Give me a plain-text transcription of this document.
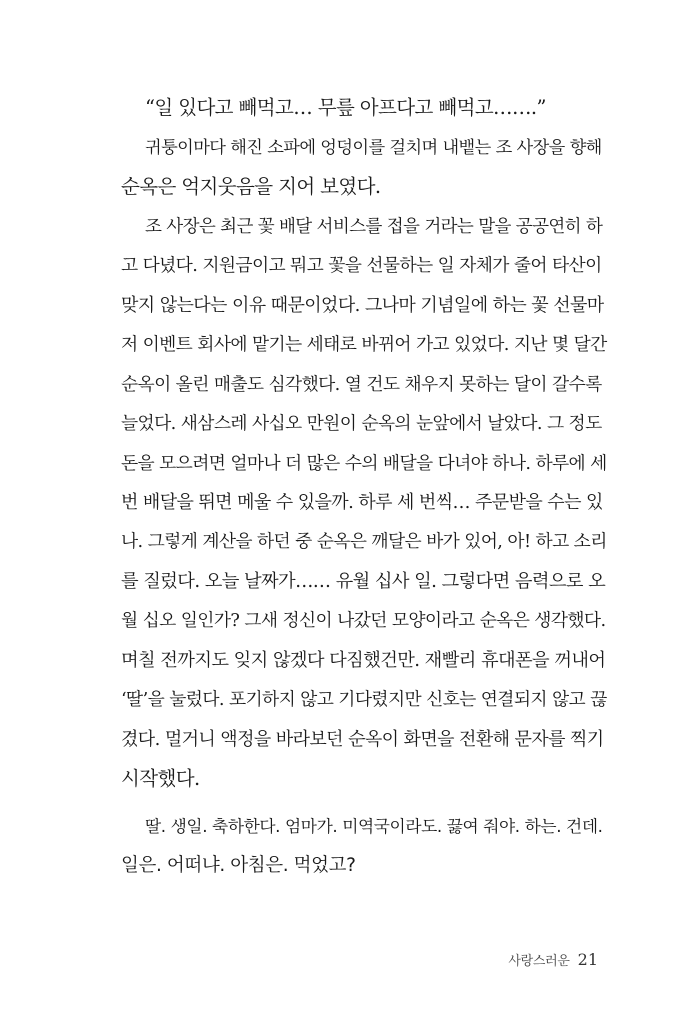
“일 있다고 빼먹고… 무릎 아프다고 빼먹고…….”
귀퉁이마다 해진 소파에 엉덩이를 걸치며 내뱉는 조 사장을 향해
순옥은 억지웃음을 지어 보였다.
조 사장은 최근 꽃 배달 서비스를 접을 거라는 말을 공공연히 하
고 다녔다. 지원금이고 뭐고 꽃을 선물하는 일 자체가 줄어 타산이
맞지 않는다는 이유 때문이었다. 그나마 기념일에 하는 꽃 선물마
저 이벤트 회사에 맡기는 세태로 바뀌어 가고 있었다. 지난 몇 달간
순옥이 올린 매출도 심각했다. 열 건도 채우지 못하는 달이 갈수록
늘었다. 새삼스레 사십오 만원이 순옥의 눈앞에서 날았다. 그 정도
돈을 모으려면 얼마나 더 많은 수의 배달을 다녀야 하나. 하루에 세
번 배달을 뛰면 메울 수 있을까. 하루 세 번씩… 주문받을 수는 있
나. 그렇게 계산을 하던 중 순옥은 깨달은 바가 있어, 아! 하고 소리
를 질렀다. 오늘 날짜가…… 유월 십사 일. 그렇다면 음력으로 오
월 십오 일인가? 그새 정신이 나갔던 모양이라고 순옥은 생각했다.
며칠 전까지도 잊지 않겠다 다짐했건만. 재빨리 휴대폰을 꺼내어
‘딸’을 눌렀다. 포기하지 않고 기다렸지만 신호는 연결되지 않고 끊
겼다. 멀거니 액정을 바라보던 순옥이 화면을 전환해 문자를 찍기
시작했다.
딸. 생일. 축하한다. 엄마가. 미역국이라도. 끓여 줘야. 하는. 건데.
일은. 어떠냐. 아침은. 먹었고?
사랑스러운 21
